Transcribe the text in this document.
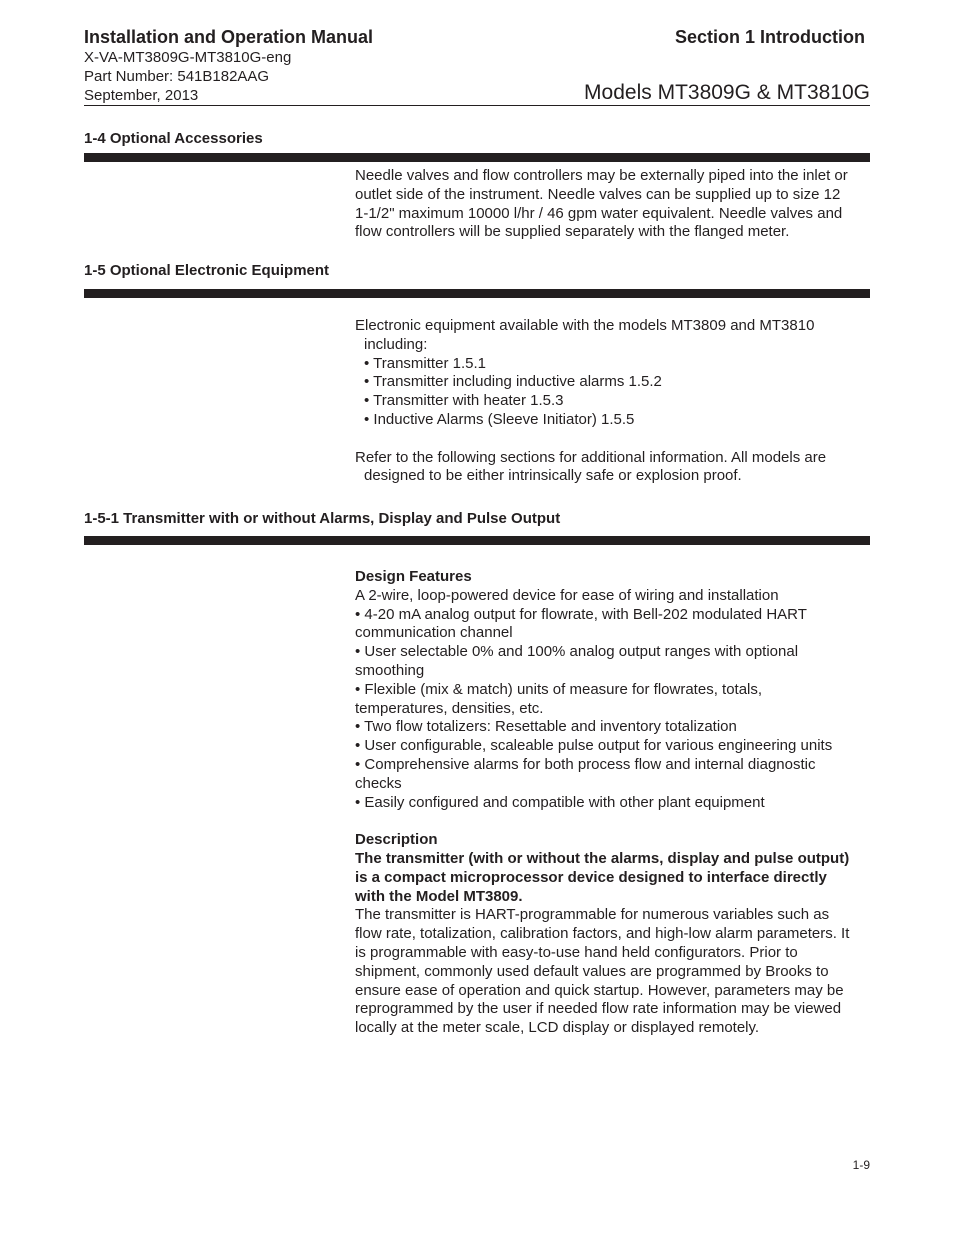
Installation and Operation Manual	Section 1 Introduction
X-VA-MT3809G-MT3810G-eng
Part Number: 541B182AAG
September, 2013	Models MT3809G & MT3810G
1-4 Optional Accessories

Needle valves and flow controllers may be externally piped into the inlet or

outlet side of the instrument. Needle valves can be supplied up to size 12

1-1/2" maximum 10000 l/hr / 46 gpm water equivalent. Needle valves and

flow controllers will be supplied separately with the flanged meter.

1-5 Optional Electronic Equipment

Electronic equipment available with the models MT3809 and MT3810

including:

• Transmitter 1.5.1

• Transmitter including inductive alarms 1.5.2

• Transmitter with heater 1.5.3

• Inductive Alarms (Sleeve Initiator) 1.5.5

Refer to the following sections for additional information. All models are

designed to be either intrinsically safe or explosion proof.

1-5-1 Transmitter with or without Alarms, Display and Pulse Output

Design Features

A 2-wire, loop-powered device for ease of wiring and installation

• 4-20 mA analog output for flowrate, with Bell-202 modulated HART

communication channel

• User selectable 0% and 100% analog output ranges with optional

smoothing

• Flexible (mix & match) units of measure for flowrates, totals,

temperatures, densities, etc.

• Two flow totalizers: Resettable and inventory totalization

• User configurable, scaleable pulse output for various engineering units

• Comprehensive alarms for both process flow and internal diagnostic

checks

• Easily configured and compatible with other plant equipment

Description

The transmitter (with or without the alarms, display and pulse output)

is a compact microprocessor device designed to interface directly

with the Model MT3809.

The transmitter is HART-programmable for numerous variables such as

flow rate, totalization, calibration factors, and high-low alarm parameters. It

is programmable with easy-to-use hand held configurators. Prior to

shipment, commonly used default values are programmed by Brooks to

ensure ease of operation and quick startup. However, parameters may be

reprogrammed by the user if needed flow rate information may be viewed

locally at the meter scale, LCD display or displayed remotely.

1-9
